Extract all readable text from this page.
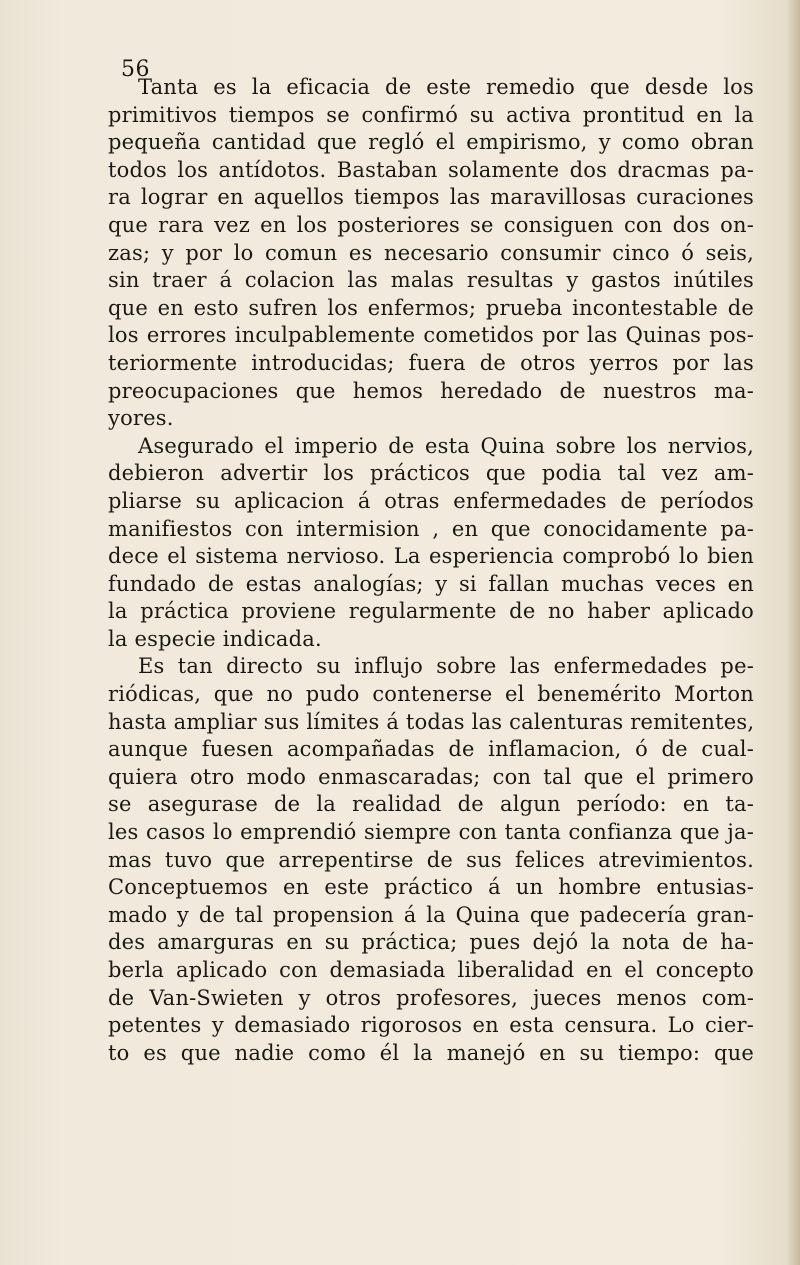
56
Tanta es la eficacia de este remedio que desde los
primitivos tiempos se confirmó su activa prontitud en la
pequeña cantidad que reglό el empirismo, y como obran
todos los antídotos. Bastaban solamente dos dracmas pa-
ra lograr en aquellos tiempos las maravillosas curaciones
que rara vez en los posteriores se consiguen con dos on-
zas; y por lo comun es necesario consumir cinco ó seis,
sin traer á colacion las malas resultas y gastos inútiles
que en esto sufren los enfermos; prueba incontestable de
los errores inculpablemente cometidos por las Quinas pos-
teriormente introducidas; fuera de otros yerros por las
preocupaciones que hemos heredado de nuestros ma-
yores.
Asegurado el imperio de esta Quina sobre los nervios,
debieron advertir los prácticos que podia tal vez am-
pliarse su aplicacion á otras enfermedades de períodos
manifiestos con intermision , en que conocidamente pa-
dece el sistema nervioso. La esperiencia comprobó lo bien
fundado de estas analogías; y si fallan muchas veces en
la práctica proviene regularmente de no haber aplicado
la especie indicada.
Es tan directo su influjo sobre las enfermedades pe-
riódicas, que no pudo contenerse el benemérito Morton
hasta ampliar sus límites á todas las calenturas remitentes,
aunque fuesen acompañadas de inflamacion, ó de cual-
quiera otro modo enmascaradas; con tal que el primero
se asegurase de la realidad de algun período: en ta-
les casos lo emprendió siempre con tanta confianza que ja-
mas tuvo que arrepentirse de sus felices atrevimientos.
Conceptuemos en este práctico á un hombre entusias-
mado y de tal propension á la Quina que padecería gran-
des amarguras en su práctica; pues dejó la nota de ha-
berla aplicado con demasiada liberalidad en el concepto
de Van-Swieten y otros profesores, jueces menos com-
petentes y demasiado rigorosos en esta censura. Lo cier-
to es que nadie como él la manejó en su tiempo: que
